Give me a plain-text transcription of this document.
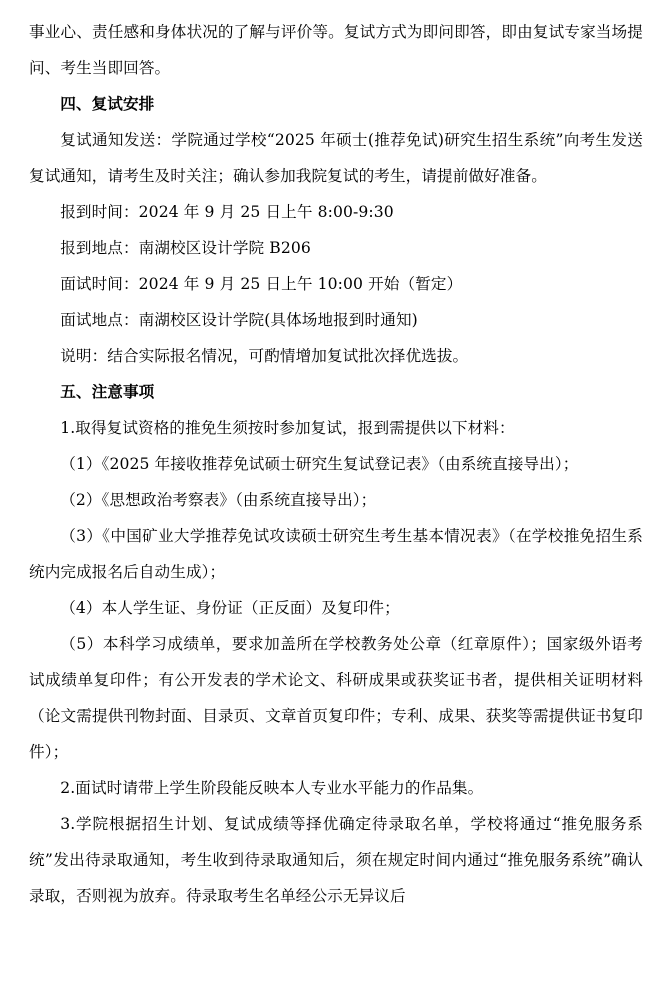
事业心、责任感和身体状况的了解与评价等。复试方式为即问即答，即由复试专家当场提问、考生当即回答。

四、复试安排

复试通知发送：学院通过学校“2025 年硕士(推荐免试)研究生招生系统”向考生发送复试通知，请考生及时关注；确认参加我院复试的考生，请提前做好准备。

报到时间：2024 年 9 月 25 日上午 8:00-9:30

报到地点：南湖校区设计学院 B206

面试时间：2024 年 9 月 25 日上午 10:00 开始（暂定）

面试地点：南湖校区设计学院(具体场地报到时通知)

说明：结合实际报名情况，可酌情增加复试批次择优选拔。

五、注意事项

1.取得复试资格的推免生须按时参加复试，报到需提供以下材料：

（1）《2025 年接收推荐免试硕士研究生复试登记表》（由系统直接导出）；

（2）《思想政治考察表》（由系统直接导出）；

（3）《中国矿业大学推荐免试攻读硕士研究生考生基本情况表》（在学校推免招生系统内完成报名后自动生成）；

（4）本人学生证、身份证（正反面）及复印件；

（5）本科学习成绩单，要求加盖所在学校教务处公章（红章原件）；国家级外语考试成绩单复印件；有公开发表的学术论文、科研成果或获奖证书者，提供相关证明材料（论文需提供刊物封面、目录页、文章首页复印件；专利、成果、获奖等需提供证书复印件）；

2.面试时请带上学生阶段能反映本人专业水平能力的作品集。

3.学院根据招生计划、复试成绩等择优确定待录取名单，学校将通过“推免服务系统”发出待录取通知，考生收到待录取通知后，须在规定时间内通过“推免服务系统”确认录取，否则视为放弃。待录取考生名单经公示无异议后
